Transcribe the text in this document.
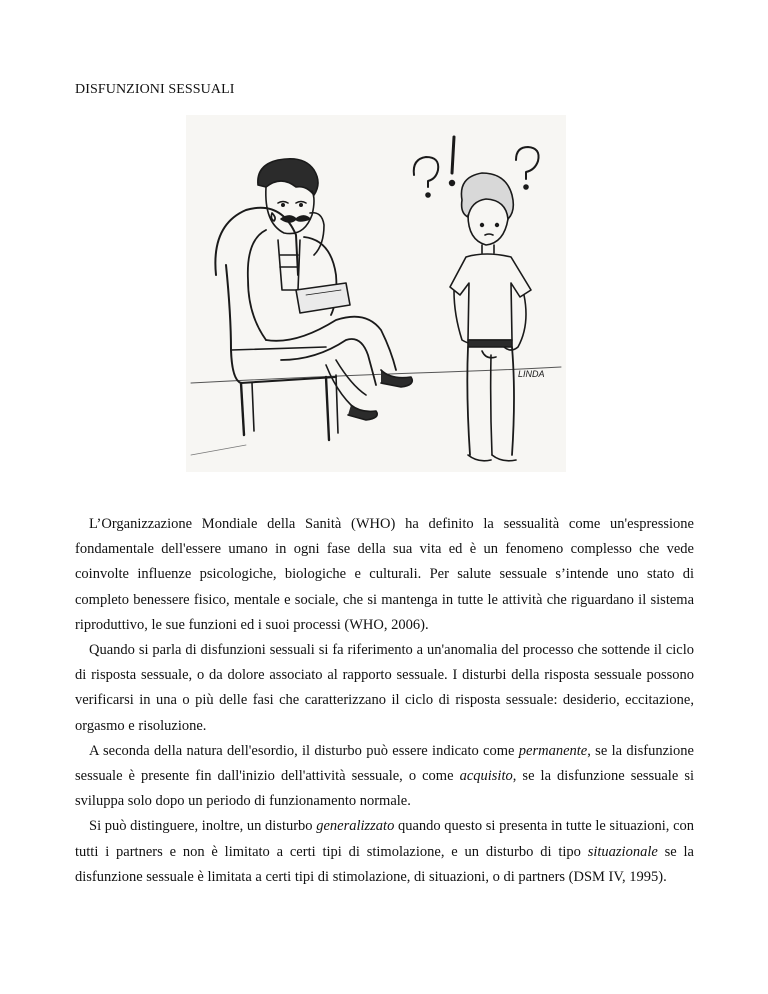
DISFUNZIONI SESSUALI
LINDA

L’Organizzazione Mondiale della Sanità (WHO) ha definito la sessualità come un'espressione fondamentale dell'essere umano in ogni fase della sua vita ed è un fenomeno complesso che vede coinvolte influenze psicologiche, biologiche e culturali. Per salute sessuale s’intende uno stato di completo benessere fisico, mentale e sociale, che si mantenga in tutte le attività che riguardano il sistema riproduttivo, le sue funzioni ed i suoi processi (WHO, 2006).

Quando si parla di disfunzioni sessuali si fa riferimento a un'anomalia del processo che sottende il ciclo di risposta sessuale, o da dolore associato al rapporto sessuale. I disturbi della risposta sessuale possono verificarsi in una o più delle fasi che caratterizzano il ciclo di risposta sessuale: desiderio, eccitazione, orgasmo e risoluzione.

A seconda della natura dell'esordio, il disturbo può essere indicato come permanente, se la disfunzione sessuale è presente fin dall'inizio dell'attività sessuale, o come acquisito, se la disfunzione sessuale si sviluppa solo dopo un periodo di funzionamento normale.

Si può distinguere, inoltre, un disturbo generalizzato quando questo si presenta in tutte le situazioni, con tutti i partners e non è limitato a certi tipi di stimolazione, e un disturbo di tipo situazionale se la disfunzione sessuale è limitata a certi tipi di stimolazione, di situazioni, o di partners (DSM IV, 1995).
